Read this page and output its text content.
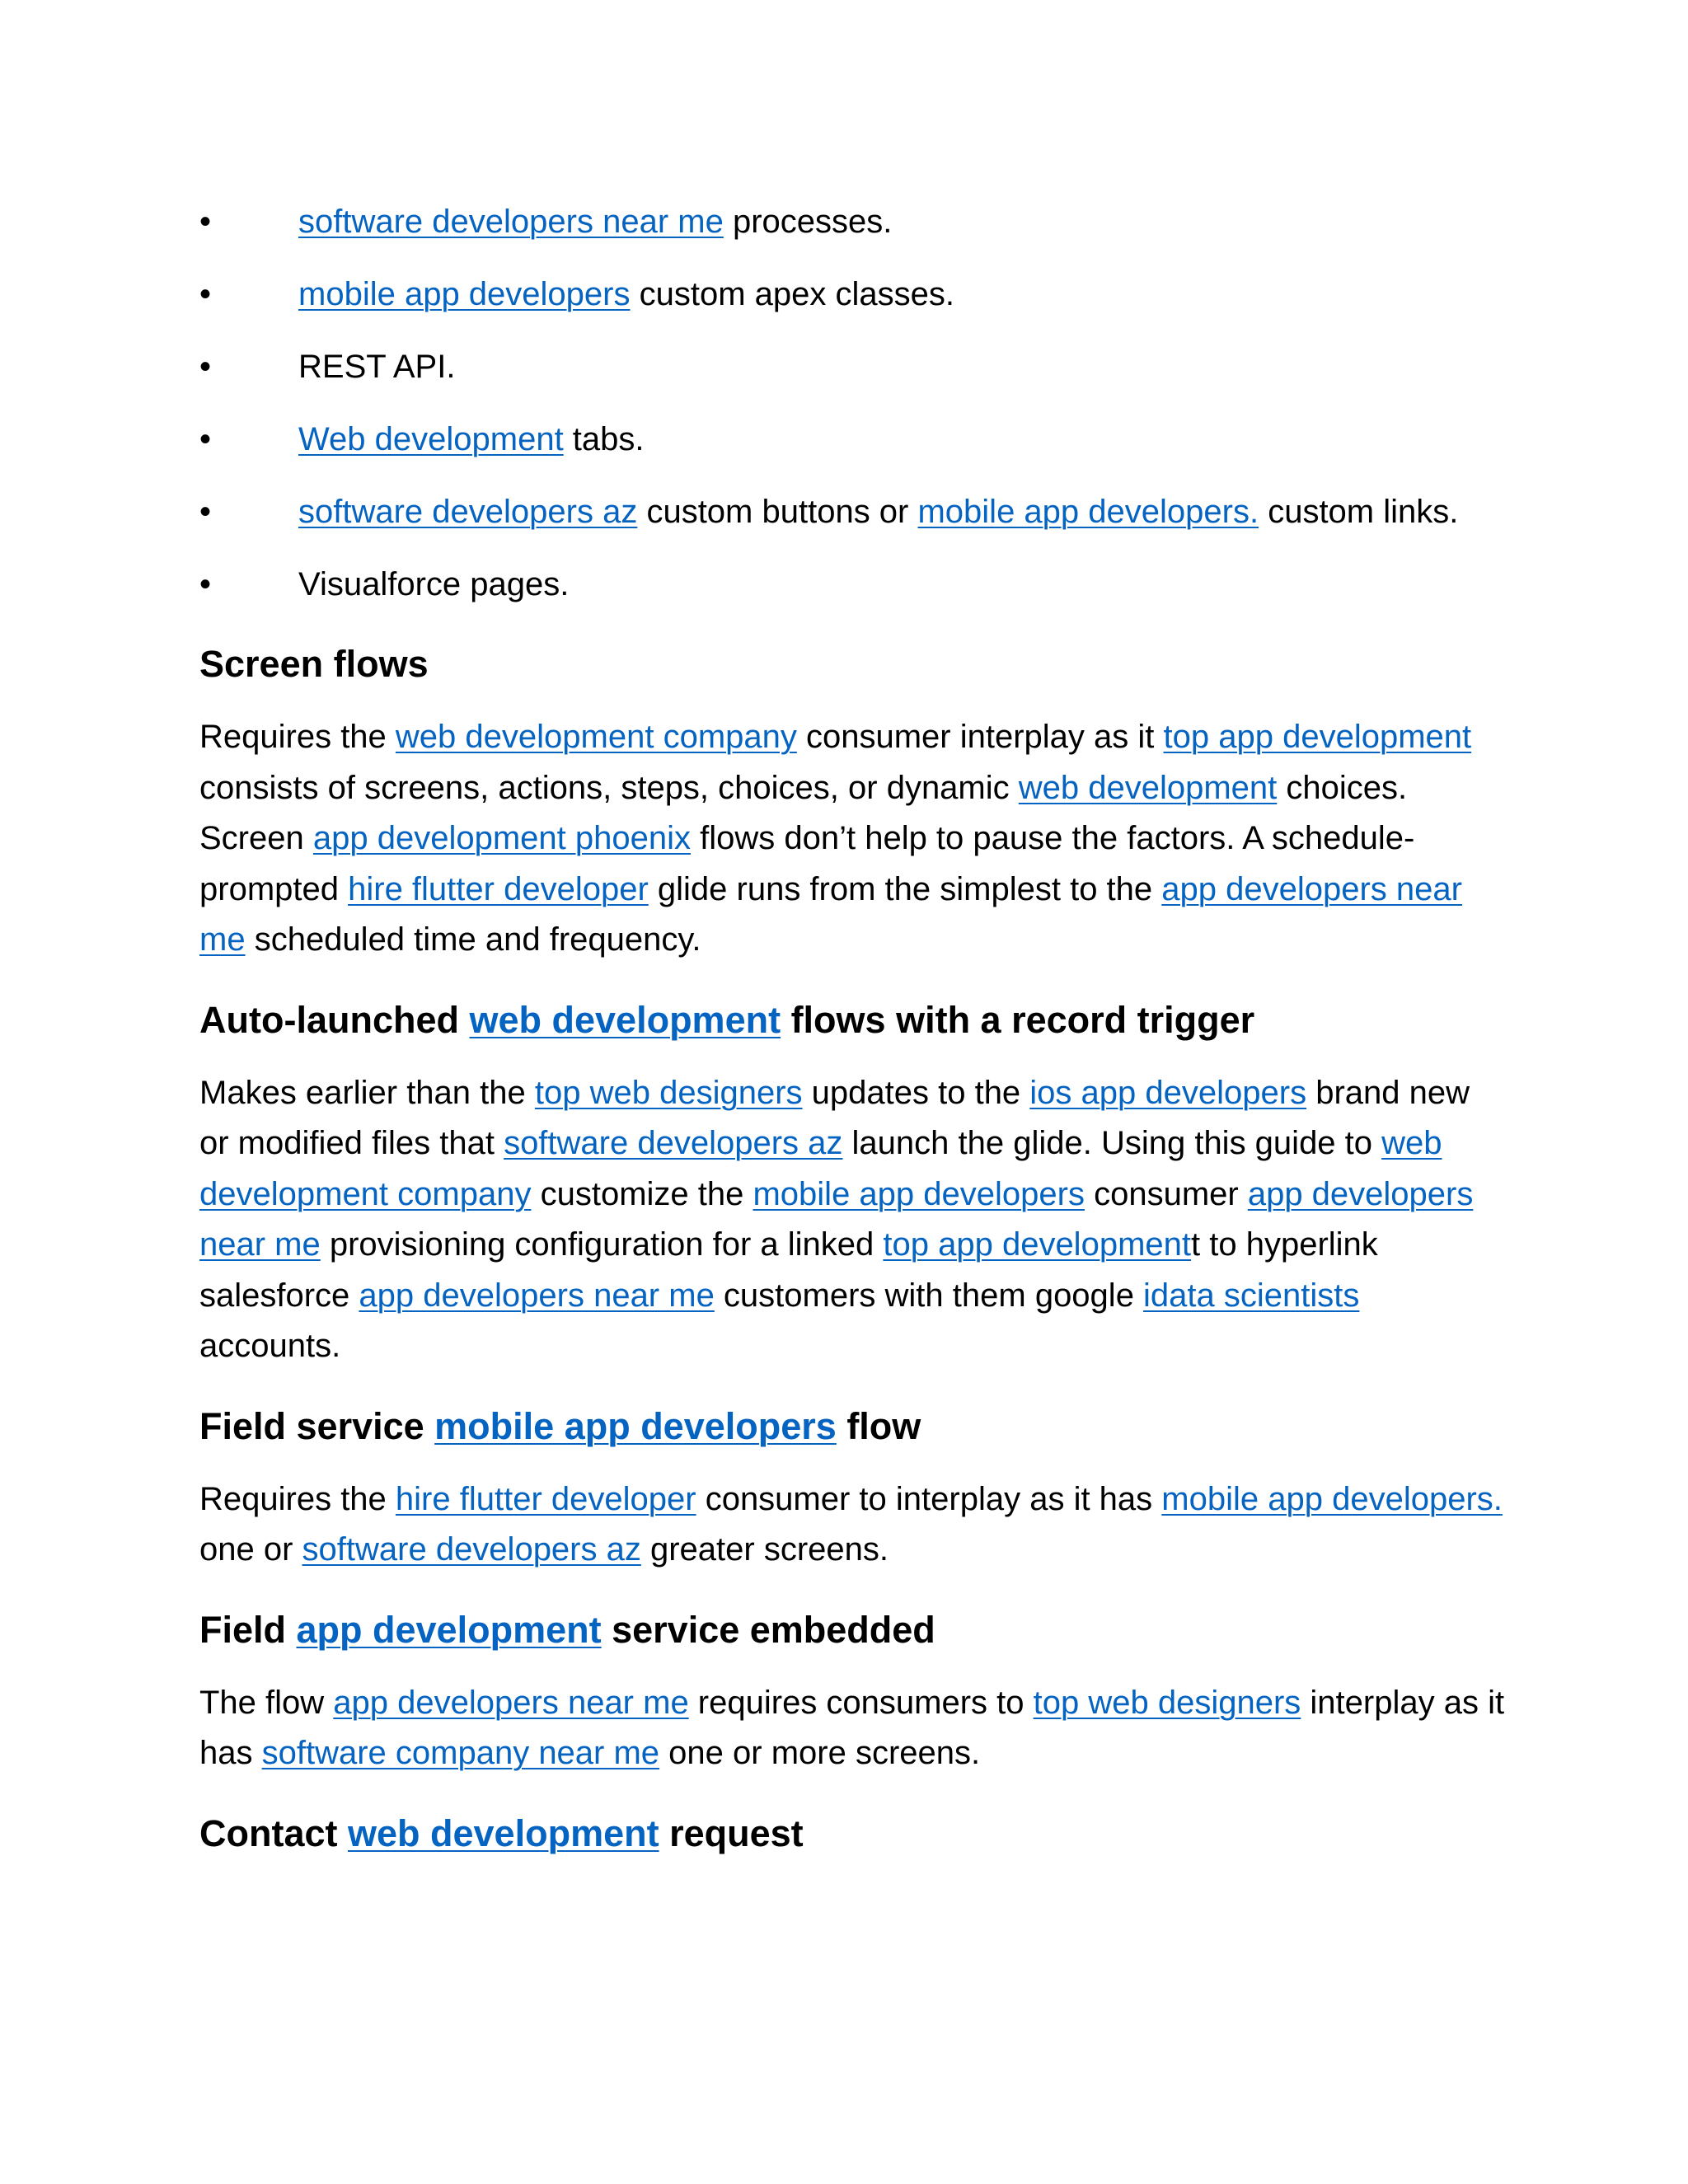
•	software developers near me processes.
•	mobile app developers custom apex classes.
•	REST API.
•	Web development tabs.
•	software developers az custom buttons or mobile app developers. custom links.
•	Visualforce pages.
Screen flows

Requires the web development company consumer interplay as it top app development consists of screens, actions, steps, choices, or dynamic web development choices. Screen app development phoenix flows don’t help to pause the factors. A schedule-prompted hire flutter developer glide runs from the simplest to the app developers near me scheduled time and frequency.

Auto-launched web development flows with a record trigger

Makes earlier than the top web designers updates to the ios app developers brand new or modified files that software developers az launch the glide. Using this guide to web development company customize the mobile app developers consumer app developers near me provisioning configuration for a linked top app developmentt to hyperlink salesforce app developers near me customers with them google idata scientists accounts.

Field service mobile app developers flow

Requires the hire flutter developer consumer to interplay as it has mobile app developers. one or software developers az greater screens.

Field app development service embedded

The flow app developers near me requires consumers to top web designers interplay as it has software company near me one or more screens.

Contact web development request
